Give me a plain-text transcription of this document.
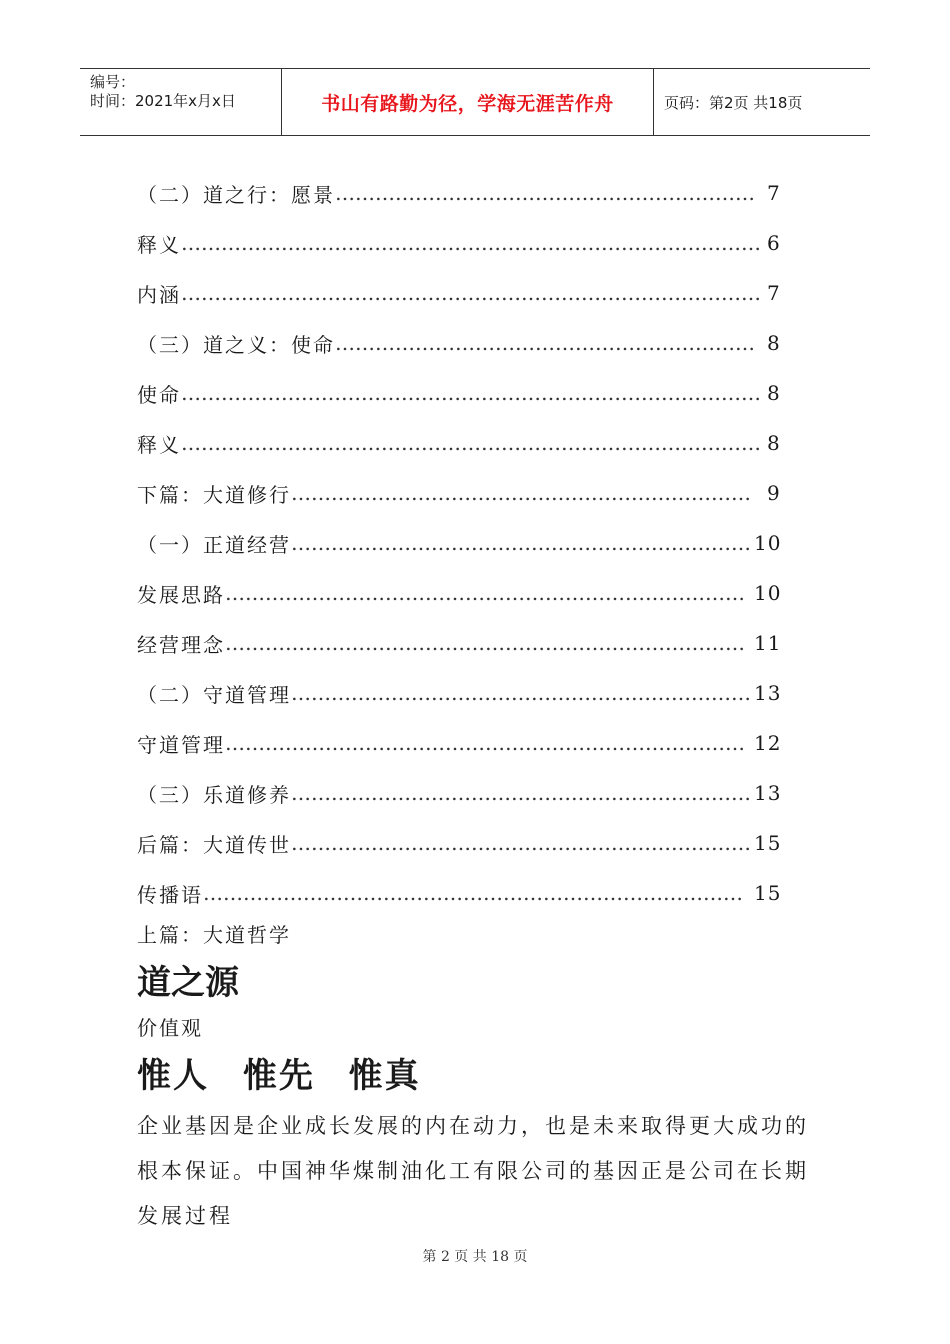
编号：
时间：2021年x月x日	书山有路勤为径，学海无涯苦作舟	页码：第2页 共18页
（二）道之行：愿景 ……………………………………………………… 7
释义 …………………………………………………………………………… 6
内涵 …………………………………………………………………………… 7
（三）道之义：使命 ……………………………………………………… 8
使命 …………………………………………………………………………… 8
释义 …………………………………………………………………………… 8
下篇：大道修行 …………………………………………………………… 9
（一）正道经营 …………………………………………………………… 10
发展思路 …………………………………………………………………… 10
经营理念 …………………………………………………………………… 11
（二）守道管理 …………………………………………………………… 13
守道管理 …………………………………………………………………… 12
（三）乐道修养 …………………………………………………………… 13
后篇：大道传世 …………………………………………………………… 15
传播语 ……………………………………………………………………… 15
上篇：大道哲学
道之源
价值观
惟人 惟先 惟真
企业基因是企业成长发展的内在动力，也是未来取得更大成功的根本保证。中国神华煤制油化工有限公司的基因正是公司在长期发展过程
第 2 页 共 18 页
